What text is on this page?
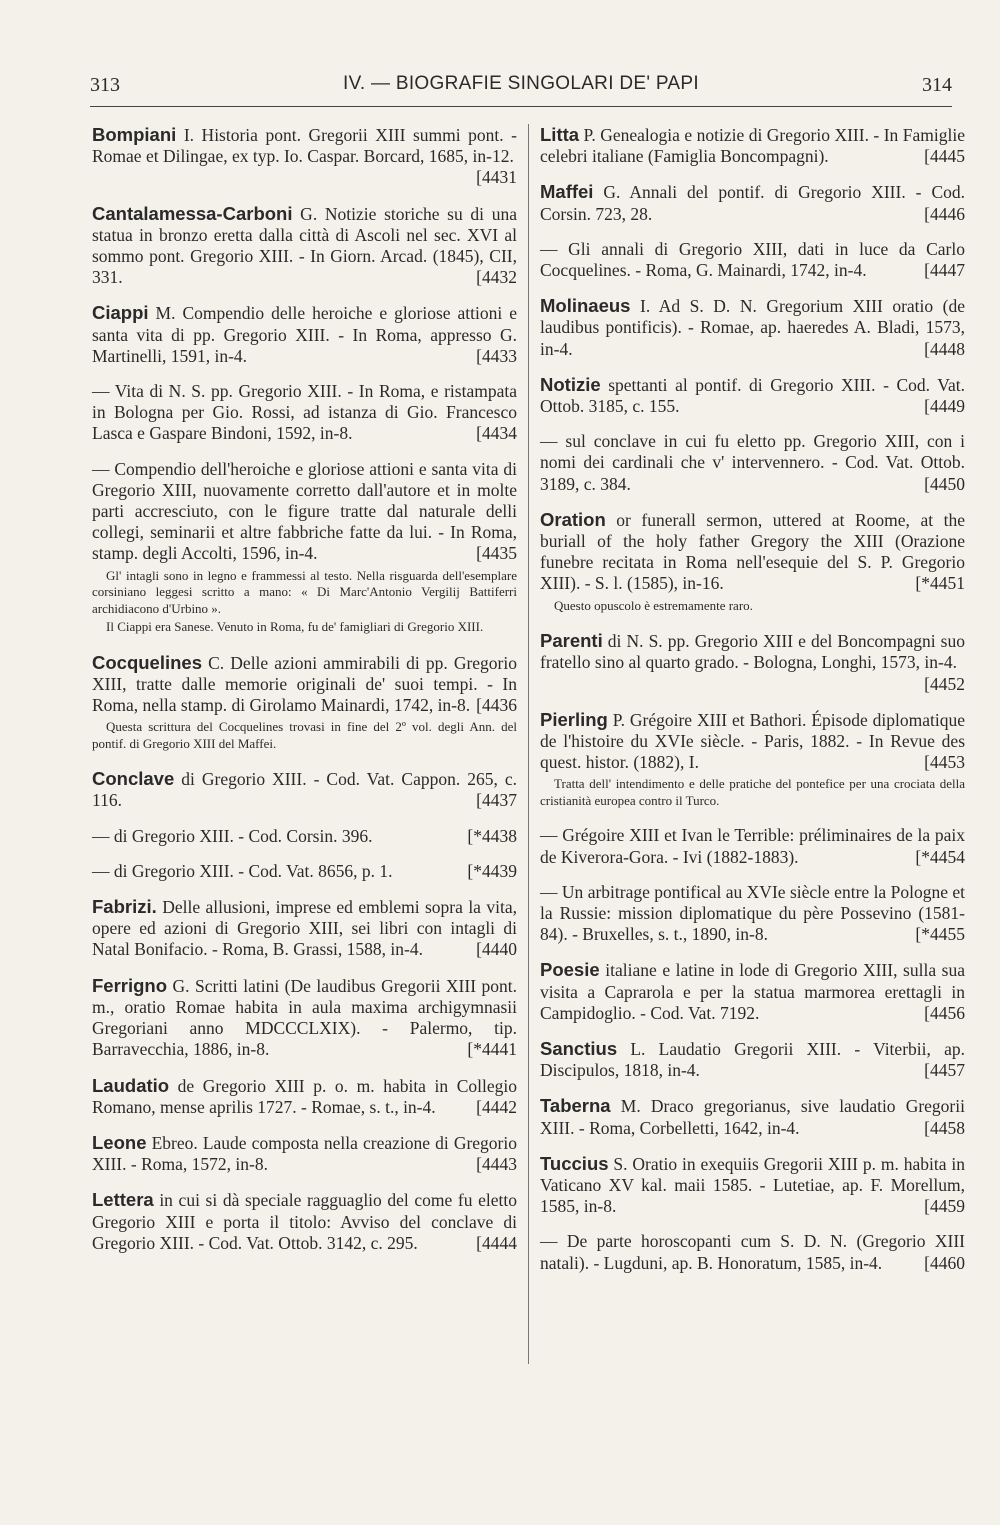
313	IV. — BIOGRAFIE SINGOLARI DE' PAPI	314
Bompiani I. Historia pont. Gregorii XIII summi pont. - Romae et Dilingae, ex typ. Io. Caspar. Borcard, 1685, in-12.
[4431
Cantalamessa-Carboni G. Notizie storiche su di una statua in bronzo eretta dalla città di Ascoli nel sec. XVI al sommo pont. Gregorio XIII. - In Giorn. Arcad. (1845), CII, 331.	[4432
Ciappi M. Compendio delle heroiche e gloriose attioni e santa vita di pp. Gregorio XIII. - In Roma, appresso G. Martinelli, 1591, in-4.	[4433
— Vita di N. S. pp. Gregorio XIII. - In Roma, e ristampata in Bologna per Gio. Rossi, ad istanza di Gio. Francesco Lasca e Gaspare Bindoni, 1592, in-8.	[4434
— Compendio dell'heroiche e gloriose attioni e santa vita di Gregorio XIII, nuovamente corretto dall'autore et in molte parti accresciuto, con le figure tratte dal naturale delli collegi, seminarii et altre fabbriche fatte da lui. - In Roma, stamp. degli Accolti, 1596, in-4.	[4435

Gl' intagli sono in legno e frammessi al testo. Nella risguarda dell'esemplare corsiniano leggesi scritto a mano: « Di Marc'Antonio Vergilij Battiferri archidiacono d'Urbino ».

Il Ciappi era Sanese. Venuto in Roma, fu de' famigliari di Gregorio XIII.

Cocquelines C. Delle azioni ammirabili di pp. Gregorio XIII, tratte dalle memorie originali de' suoi tempi. - In Roma, nella stamp. di Girolamo Mainardi, 1742, in-8. [4436

Questa scrittura del Cocquelines trovasi in fine del 2º vol. degli Ann. del pontif. di Gregorio XIII del Maffei.

Conclave di Gregorio XIII. - Cod. Vat. Cappon. 265, c. 116.	[4437
— di Gregorio XIII. - Cod. Corsin. 396.	[*4438
— di Gregorio XIII. - Cod. Vat. 8656, p. 1.	[*4439
Fabrizi. Delle allusioni, imprese ed emblemi sopra la vita, opere ed azioni di Gregorio XIII, sei libri con intagli di Natal Bonifacio. - Roma, B. Grassi, 1588, in-4.	[4440
Ferrigno G. Scritti latini (De laudibus Gregorii XIII pont. m., oratio Romae habita in aula maxima archigymnasii Gregoriani anno MDCCCLXIX). - Palermo, tip. Barravecchia, 1886, in-8.	[*4441
Laudatio de Gregorio XIII p. o. m. habita in Collegio Romano, mense aprilis 1727. - Romae, s. t., in-4. [4442
Leone Ebreo. Laude composta nella creazione di Gregorio XIII. - Roma, 1572, in-8.	[4443
Lettera in cui si dà speciale ragguaglio del come fu eletto Gregorio XIII e porta il titolo: Avviso del conclave di Gregorio XIII. - Cod. Vat. Ottob. 3142, c. 295.	[4444
Litta P. Genealogia e notizie di Gregorio XIII. - In Famiglie celebri italiane (Famiglia Boncompagni).	[4445
Maffei G. Annali del pontif. di Gregorio XIII. - Cod. Corsin. 723, 28.	[4446
— Gli annali di Gregorio XIII, dati in luce da Carlo Cocquelines. - Roma, G. Mainardi, 1742, in-4.	[4447
Molinaeus I. Ad S. D. N. Gregorium XIII oratio (de laudibus pontificis). - Romae, ap. haeredes A. Bladi, 1573, in-4.	[4448
Notizie spettanti al pontif. di Gregorio XIII. - Cod. Vat. Ottob. 3185, c. 155.	[4449
— sul conclave in cui fu eletto pp. Gregorio XIII, con i nomi dei cardinali che v' intervennero. - Cod. Vat. Ottob. 3189, c. 384.	[4450
Oration or funerall sermon, uttered at Roome, at the buriall of the holy father Gregory the XIII (Orazione funebre recitata in Roma nell'esequie del S. P. Gregorio XIII). - S. l. (1585), in-16.	[*4451

Questo opuscolo è estremamente raro.

Parenti di N. S. pp. Gregorio XIII e del Boncompagni suo fratello sino al quarto grado. - Bologna, Longhi, 1573, in-4.
[4452
Pierling P. Grégoire XIII et Bathori. Épisode diplomatique de l'histoire du XVIe siècle. - Paris, 1882. - In Revue des quest. histor. (1882), I.	[4453

Tratta dell' intendimento e delle pratiche del pontefice per una crociata della cristianità europea contro il Turco.

— Grégoire XIII et Ivan le Terrible: préliminaires de la paix de Kiverora-Gora. - Ivi (1882-1883).	[*4454
— Un arbitrage pontifical au XVIe siècle entre la Pologne et la Russie: mission diplomatique du père Possevino (1581-84). - Bruxelles, s. t., 1890, in-8.	[*4455
Poesie italiane e latine in lode di Gregorio XIII, sulla sua visita a Caprarola e per la statua marmorea erettagli in Campidoglio. - Cod. Vat. 7192.	[4456
Sanctius L. Laudatio Gregorii XIII. - Viterbii, ap. Discipulos, 1818, in-4.	[4457
Taberna M. Draco gregorianus, sive laudatio Gregorii XIII. - Roma, Corbelletti, 1642, in-4.	[4458
Tuccius S. Oratio in exequiis Gregorii XIII p. m. habita in Vaticano XV kal. maii 1585. - Lutetiae, ap. F. Morellum, 1585, in-8.	[4459
— De parte horoscopanti cum S. D. N. (Gregorio XIII natali). - Lugduni, ap. B. Honoratum, 1585, in-4. [4460
